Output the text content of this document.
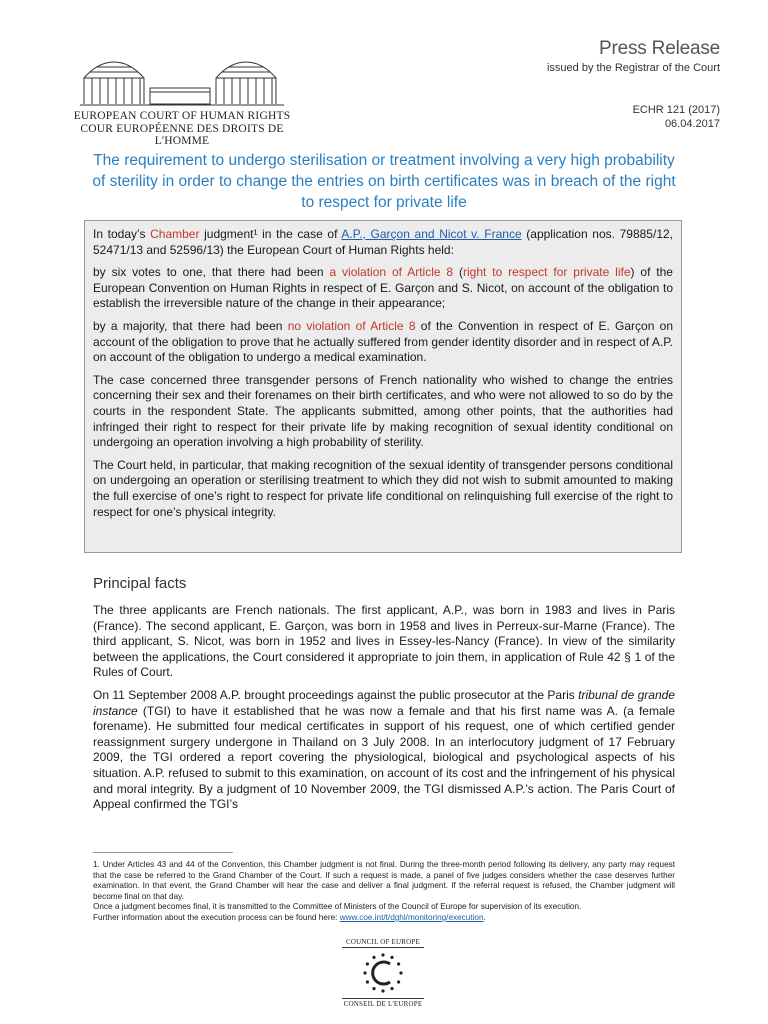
EUROPEAN COURT OF HUMAN RIGHTS
COUR EUROPÉENNE DES DROITS DE L'HOMME
Press Release
issued by the Registrar of the Court
ECHR 121 (2017)
06.04.2017
The requirement to undergo sterilisation or treatment involving a very high probability of sterility in order to change the entries on birth certificates was in breach of the right to respect for private life

In today’s Chamber judgment¹ in the case of A.P., Garçon and Nicot v. France (application nos. 79885/12, 52471/13 and 52596/13) the European Court of Human Rights held:

by six votes to one, that there had been a violation of Article 8 (right to respect for private life) of the European Convention on Human Rights in respect of E. Garçon and S. Nicot, on account of the obligation to establish the irreversible nature of the change in their appearance;

by a majority, that there had been no violation of Article 8 of the Convention in respect of E. Garçon on account of the obligation to prove that he actually suffered from gender identity disorder and in respect of A.P. on account of the obligation to undergo a medical examination.

The case concerned three transgender persons of French nationality who wished to change the entries concerning their sex and their forenames on their birth certificates, and who were not allowed to so do by the courts in the respondent State. The applicants submitted, among other points, that the authorities had infringed their right to respect for their private life by making recognition of sexual identity conditional on undergoing an operation involving a high probability of sterility.

The Court held, in particular, that making recognition of the sexual identity of transgender persons conditional on undergoing an operation or sterilising treatment to which they did not wish to submit amounted to making the full exercise of one’s right to respect for private life conditional on relinquishing full exercise of the right to respect for one’s physical integrity.

Principal facts

The three applicants are French nationals. The first applicant, A.P., was born in 1983 and lives in Paris (France). The second applicant, E. Garçon, was born in 1958 and lives in Perreux-sur-Marne (France). The third applicant, S. Nicot, was born in 1952 and lives in Essey-les-Nancy (France). In view of the similarity between the applications, the Court considered it appropriate to join them, in application of Rule 42 § 1 of the Rules of Court.

On 11 September 2008 A.P. brought proceedings against the public prosecutor at the Paris tribunal de grande instance (TGI) to have it established that he was now a female and that his first name was A. (a female forename). He submitted four medical certificates in support of his request, one of which certified gender reassignment surgery undergone in Thailand on 3 July 2008. In an interlocutory judgment of 17 February 2009, the TGI ordered a report covering the physiological, biological and psychological aspects of his situation. A.P. refused to submit to this examination, on account of its cost and the infringement of his physical and moral integrity. By a judgment of 10 November 2009, the TGI dismissed A.P.’s action. The Paris Court of Appeal confirmed the TGI’s

1. Under Articles 43 and 44 of the Convention, this Chamber judgment is not final. During the three-month period following its delivery, any party may request that the case be referred to the Grand Chamber of the Court. If such a request is made, a panel of five judges considers whether the case deserves further examination. In that event, the Grand Chamber will hear the case and deliver a final judgment. If the referral request is refused, the Chamber judgment will become final on that day.

Once a judgment becomes final, it is transmitted to the Committee of Ministers of the Council of Europe for supervision of its execution.

Further information about the execution process can be found here: www.coe.int/t/dghl/monitoring/execution.

COUNCIL OF EUROPE
CONSEIL DE L'EUROPE
